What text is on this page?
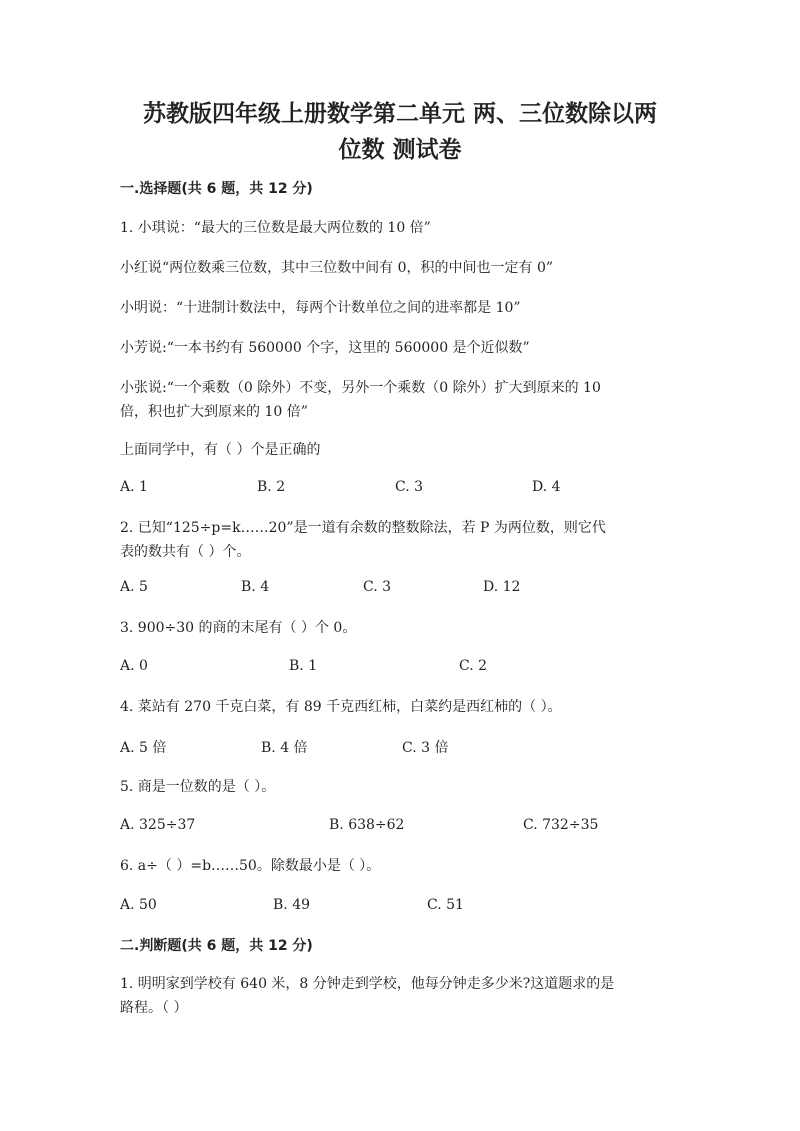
苏教版四年级上册数学第二单元 两、三位数除以两
位数 测试卷
一.选择题(共 6 题，共 12 分)
1. 小琪说：“最大的三位数是最大两位数的 10 倍”
小红说“两位数乘三位数，其中三位数中间有 0，积的中间也一定有 0”
小明说：“十进制计数法中，每两个计数单位之间的进率都是 10”
小芳说:“一本书约有 560000 个字，这里的 560000 是个近似数”
小张说:“一个乘数（0 除外）不变，另外一个乘数（0 除外）扩大到原来的 10
倍，积也扩大到原来的 10 倍”
上面同学中，有（ ）个是正确的
A. 1	B. 2	C. 3	D. 4
2. 已知“125÷p=k……20”是一道有余数的整数除法，若 P 为两位数，则它代
表的数共有（ ）个。
A. 5	B. 4	C. 3	D. 12
3. 900÷30 的商的末尾有（ ）个 0。
A. 0	B. 1	C. 2
4. 菜站有 270 千克白菜，有 89 千克西红柿，白菜约是西红柿的（ ）。
A. 5 倍	B. 4 倍	C. 3 倍
5. 商是一位数的是（ ）。
A. 325÷37	B. 638÷62	C. 732÷35
6. a÷（ ）=b……50。除数最小是（ ）。
A. 50	B. 49	C. 51
二.判断题(共 6 题，共 12 分)
1. 明明家到学校有 640 米，8 分钟走到学校，他每分钟走多少米?这道题求的是
路程。（ ）
